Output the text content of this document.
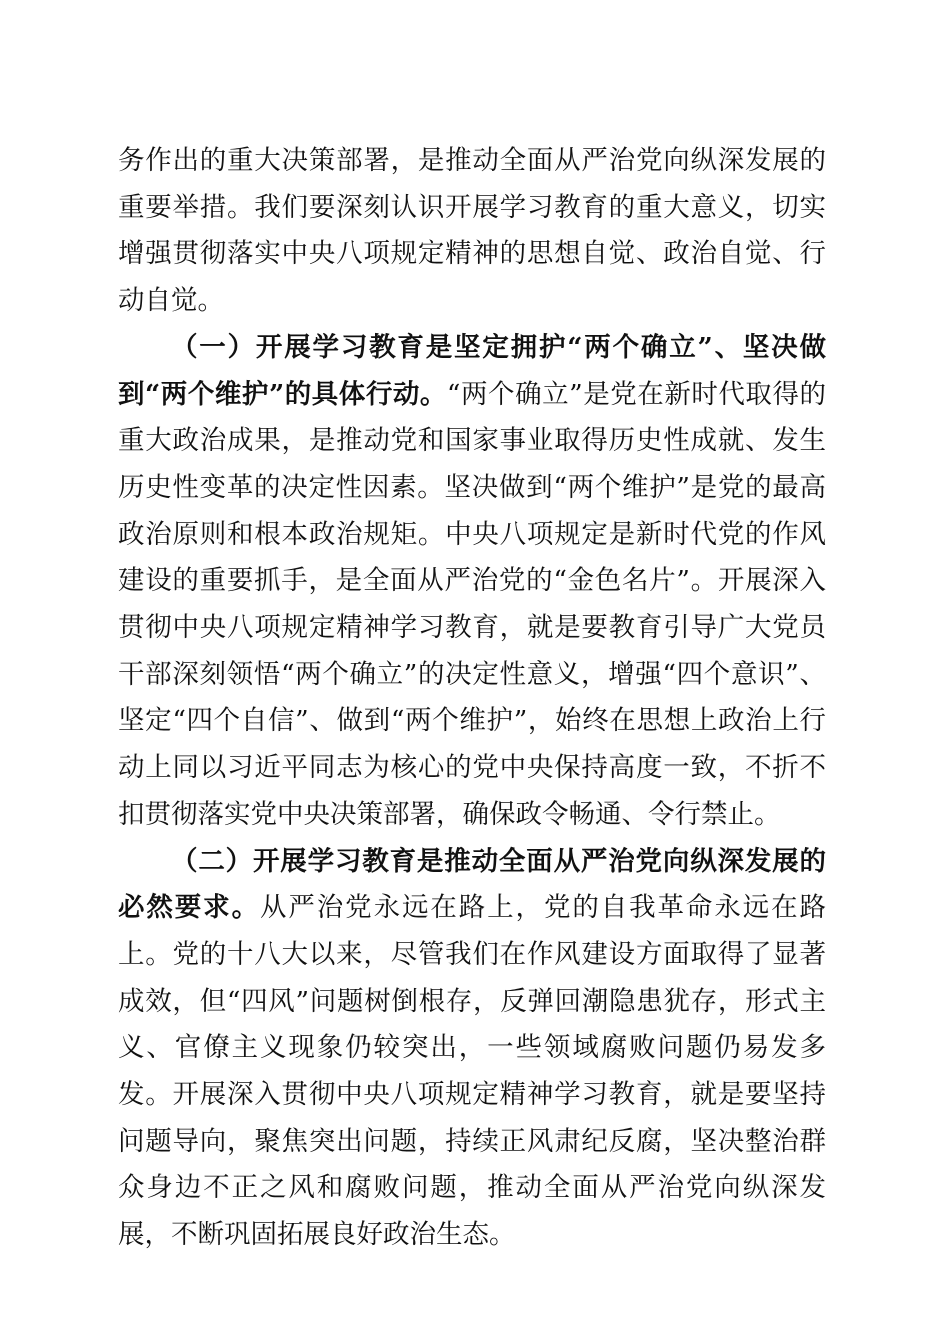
务作出的重大决策部署，是推动全面从严治党向纵深发展的重要举措。我们要深刻认识开展学习教育的重大意义，切实增强贯彻落实中央八项规定精神的思想自觉、政治自觉、行动自觉。

（一）开展学习教育是坚定拥护“两个确立”、坚决做到“两个维护”的具体行动。“两个确立”是党在新时代取得的重大政治成果，是推动党和国家事业取得历史性成就、发生历史性变革的决定性因素。坚决做到“两个维护”是党的最高政治原则和根本政治规矩。中央八项规定是新时代党的作风建设的重要抓手，是全面从严治党的“金色名片”。开展深入贯彻中央八项规定精神学习教育，就是要教育引导广大党员干部深刻领悟“两个确立”的决定性意义，增强“四个意识”、坚定“四个自信”、做到“两个维护”，始终在思想上政治上行动上同以习近平同志为核心的党中央保持高度一致，不折不扣贯彻落实党中央决策部署，确保政令畅通、令行禁止。

（二）开展学习教育是推动全面从严治党向纵深发展的必然要求。从严治党永远在路上，党的自我革命永远在路上。党的十八大以来，尽管我们在作风建设方面取得了显著成效，但“四风”问题树倒根存，反弹回潮隐患犹存，形式主义、官僚主义现象仍较突出，一些领域腐败问题仍易发多发。开展深入贯彻中央八项规定精神学习教育，就是要坚持问题导向，聚焦突出问题，持续正风肃纪反腐，坚决整治群众身边不正之风和腐败问题，推动全面从严治党向纵深发展，不断巩固拓展良好政治生态。
